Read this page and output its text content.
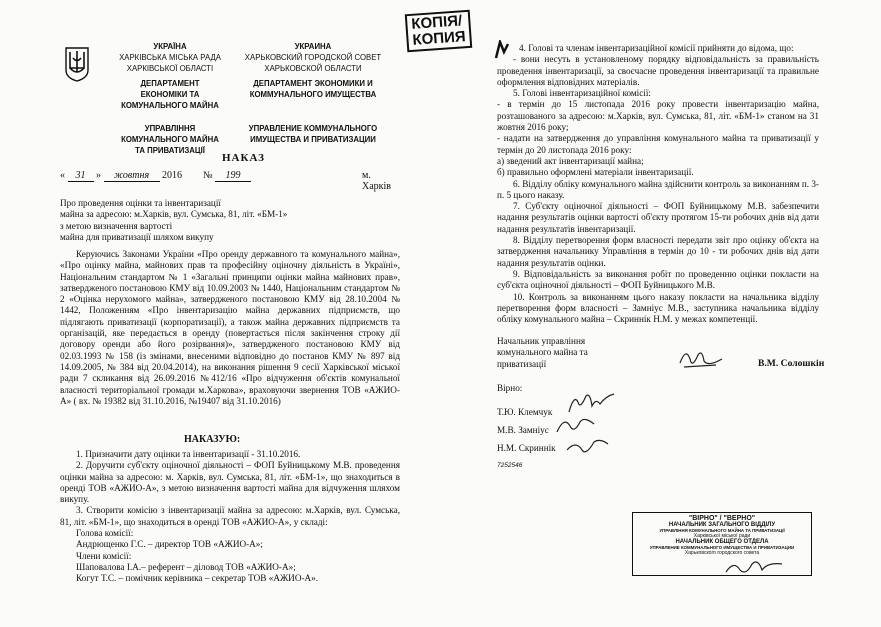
УКРАЇНА
ХАРКІВСЬКА МІСЬКА РАДА
ХАРКІВСЬКОЇ ОБЛАСТІ
ДЕПАРТАМЕНТ
ЕКОНОМІКИ ТА
КОМУНАЛЬНОГО МАЙНА
УПРАВЛІННЯ
КОМУНАЛЬНОГО МАЙНА
ТА ПРИВАТИЗАЦІЇ
УКРАИНА
ХАРЬКОВСКИЙ ГОРОДСКОЙ СОВЕТ
ХАРЬКОВСКОЙ ОБЛАСТИ
ДЕПАРТАМЕНТ ЭКОНОМИКИ И
КОММУНАЛЬНОГО ИМУЩЕСТВА
УПРАВЛЕНИЕ КОММУНАЛЬНОГО
ИМУЩЕСТВА И ПРИВАТИЗАЦИИ
КОПІЯ/
КОПИЯ
НАКАЗ
« 31 » жовтня 2016 № 199	м. Харків

Про проведення оцінки та інвентаризації

майна за адресою: м.Харків, вул. Сумська, 81, літ. «БМ-1»

з метою визначення вартості

майна для приватизації шляхом викупу

Керуючись Законами України «Про оренду державного та комунального майна», «Про оцінку майна, майнових прав та професійну оціночну діяльність в Україні», Національним стандартом № 1 «Загальні принципи оцінки майна майнових прав», затвердженого постановою КМУ від 10.09.2003 № 1440, Національним стандартом № 2 «Оцінка нерухомого майна», затвердженого постановою КМУ від 28.10.2004 № 1442, Положенням «Про інвентаризацію майна державних підприємств, що підлягають приватизації (корпоратизації), а також майна державних підприємств та організацій, яке передається в оренду (повертається після закінчення строку дії договору оренди або його розірвання)», затвердженого постановою КМУ від 02.03.1993 № 158 (із змінами, внесеними відповідно до постанов КМУ № 897 від 14.09.2005, № 384 від 20.04.2014), на виконання рішення 9 сесії Харківської міської ради 7 скликання від 26.09.2016 №412/16 «Про відчуження об'єктів комунальної власності територіальної громади м.Харкова», враховуючи звернення ТОВ «АЖИО-А» ( вх. № 19382 від 31.10.2016, №19407 від 31.10.2016)
НАКАЗУЮ:

1. Призначити дату оцінки та інвентаризації - 31.10.2016.

2. Доручити суб'єкту оціночної діяльності – ФОП Буйницькому М.В. проведення оцінки майна за адресою: м. Харків, вул. Сумська, 81, літ. «БМ-1», що знаходиться в оренді ТОВ «АЖИО-А», з метою визначення вартості майна для відчуження шляхом викупу.

3. Створити комісію з інвентаризації майна за адресою: м.Харків, вул. Сумська, 81, літ. «БМ-1», що знаходиться в оренді ТОВ «АЖИО-А», у складі:

Голова комісії:

Андрющенко Г.С. – директор ТОВ «АЖИО-А»;

Члени комісії:

Шаповалова І.А.– референт – діловод ТОВ «АЖИО-А»;

Когут Т.С. – помічник керівника – секретар ТОВ «АЖИО-А».

4. Голові та членам інвентаризаційної комісії прийняти до відома, що:

- вони несуть в установленому порядку відповідальність за правильність проведення інвентаризації, за своєчасне проведення інвентаризації та правильне оформлення відповідних матеріалів.

5. Голові інвентаризаційної комісії:

- в термін до 15 листопада 2016 року провести інвентаризацію майна, розташованого за адресою: м.Харків, вул. Сумська, 81, літ. «БМ-1» станом на 31 жовтня 2016 року;

- надати на затвердження до управління комунального майна та приватизації у термін до 20 листопада 2016 року:

а) зведений акт інвентаризації майна;

б) правильно оформлені матеріали інвентаризації.

6. Відділу обліку комунального майна здійснити контроль за виконанням п. 3-п. 5 цього наказу.

7. Суб'єкту оціночної діяльності – ФОП Буйницькому М.В. забезпечити надання результатів оцінки вартості об'єкту протягом 15-ти робочих днів від дати надання результатів інвентаризації.

8. Відділу перетворення форм власності передати звіт про оцінку об'єкта на затвердження начальнику Управління в термін до 10 - ти робочих днів від дати надання результатів оцінки.

9. Відповідальність за виконання робіт по проведенню оцінки покласти на суб'єкта оціночної діяльності – ФОП Буйницького М.В.

10. Контроль за виконанням цього наказу покласти на начальника відділу перетворення форм власності – Замніус М.В., заступника начальника відділу обліку комунального майна – Скриннік Н.М. у межах компетенції.

Начальник управління

комунального майна та

приватизації	В.М. Солошкін
Вірно:
Т.Ю. Клемчук
М.В. Замніус
Н.М. Скриннік
7252546
"ВІРНО" / "ВЕРНО"
НАЧАЛЬНИК ЗАГАЛЬНОГО ВІДДІЛУ
УПРАВЛІННЯ КОМУНАЛЬНОГО МАЙНА ТА ПРИВАТИЗАЦІЇ
Харківської міської ради
НАЧАЛЬНИК ОБЩЕГО ОТДЕЛА
УПРАВЛЕНИЕ КОММУНАЛЬНОГО ИМУЩЕСТВА И ПРИВАТИЗАЦИИ
Харьковского городского совета
